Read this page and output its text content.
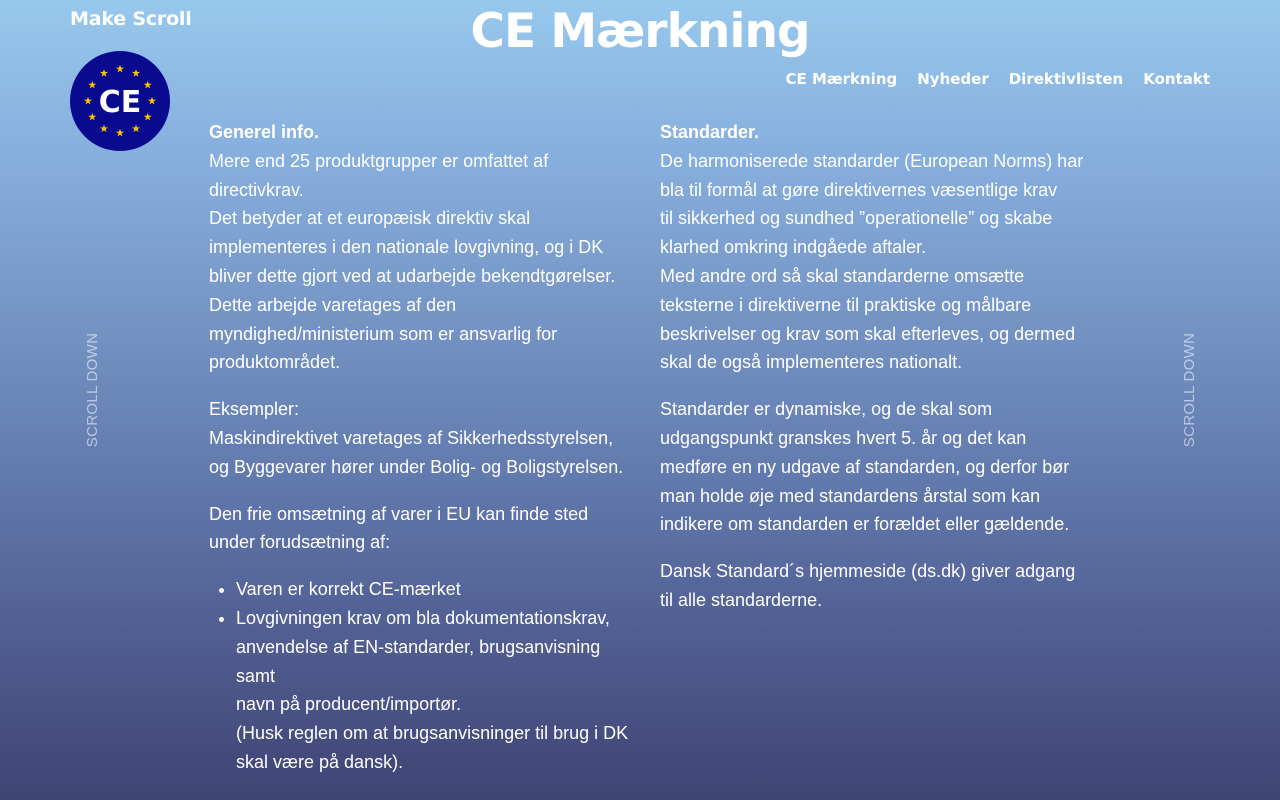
Make Scroll
CE
CE Mærkning
CE Mærkning Nyheder Direktivlisten Kontakt
SCROLL DOWN	SCROLL DOWN

Generel info.
Mere end 25 produktgrupper er omfattet af directivkrav.
Det betyder at et europæisk direktiv skal implementeres i den nationale lovgivning, og i DK bliver dette gjort ved at udarbejde bekendtgørelser.
Dette arbejde varetages af den myndighed/ministerium som er ansvarlig for produktområdet.

Eksempler:
Maskindirektivet varetages af Sikkerhedsstyrelsen, og Byggevarer hører under Bolig- og Boligstyrelsen.

Den frie omsætning af varer i EU kan finde sted under forudsætning af:

• Varen er korrekt CE-mærket
• Lovgivningen krav om bla dokumentationskrav, anvendelse af EN-standarder, brugsanvisning samt
navn på producent/importør.
(Husk reglen om at brugsanvisninger til brug i DK skal være på dansk).

Standarder.
De harmoniserede standarder (European Norms) har bla til formål at gøre direktivernes væsentlige krav
til sikkerhed og sundhed ”operationelle” og skabe klarhed omkring indgåede aftaler.
Med andre ord så skal standarderne omsætte teksterne i direktiverne til praktiske og målbare beskrivelser og krav som skal efterleves, og dermed skal de også implementeres nationalt.

Standarder er dynamiske, og de skal som udgangspunkt granskes hvert 5. år og det kan medføre en ny udgave af standarden, og derfor bør man holde øje med standardens årstal som kan indikere om standarden er forældet eller gældende.

Dansk Standard´s hjemmeside (ds.dk) giver adgang til alle standarderne.
